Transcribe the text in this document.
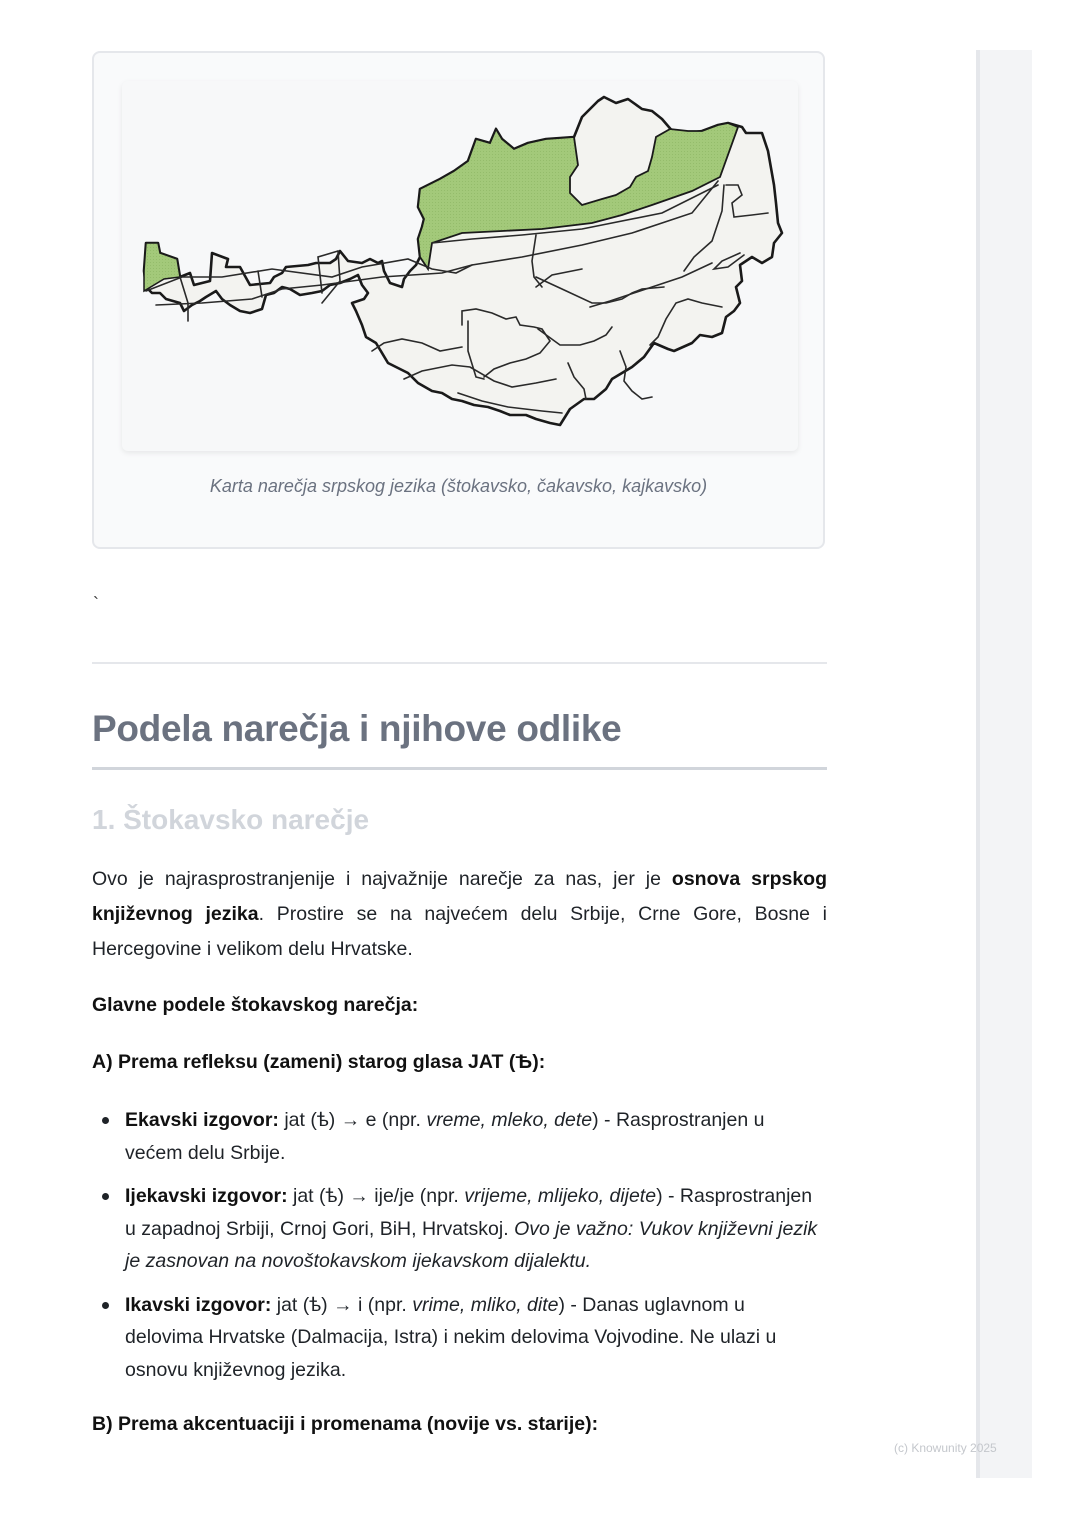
Karta narečja srpskog jezika (štokavsko, čakavsko, kajkavsko)
`
Podela narečja i njihove odlike
1. Štokavsko narečje

Ovo je najrasprostranjenije i najvažnije narečje za nas, jer je osnova srpskog književnog jezika. Prostire se na najvećem delu Srbije, Crne Gore, Bosne i Hercegovine i velikom delu Hrvatske.

Glavne podele štokavskog narečja:

A) Prema refleksu (zameni) starog glasa JAT (Ѣ):

Ekavski izgovor: jat (ѣ) → e (npr. vreme, mleko, dete) - Rasprostranjen u većem delu Srbije.
Ijekavski izgovor: jat (ѣ) → ije/je (npr. vrijeme, mlijeko, dijete) - Rasprostranjen u zapadnoj Srbiji, Crnoj Gori, BiH, Hrvatskoj. Ovo je važno: Vukov književni jezik je zasnovan na novoštokavskom ijekavskom dijalektu.
Ikavski izgovor: jat (ѣ) → i (npr. vrime, mliko, dite) - Danas uglavnom u delovima Hrvatske (Dalmacija, Istra) i nekim delovima Vojvodine. Ne ulazi u osnovu književnog jezika.

B) Prema akcentuaciji i promenama (novije vs. starije):

(c) Knowunity 2025
